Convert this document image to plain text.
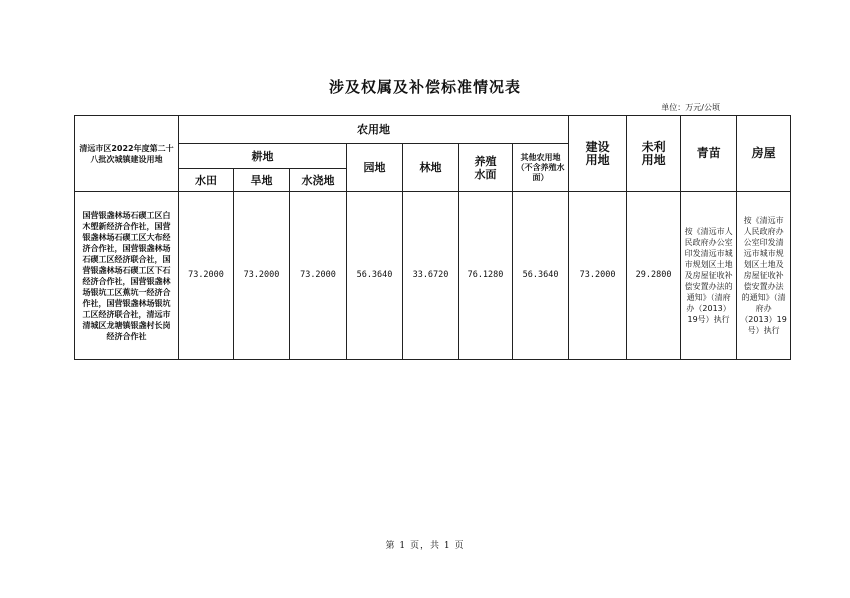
涉及权属及补偿标准情况表
单位：万元/公顷
清远市区2022年度第二十八批次城镇建设用地	农用地							建设用地	未利用地	青苗	房屋
	耕地			园地	林地	养殖水面	其他农用地（不含养殖水面）				
	水田	旱地	水浇地								
国营银盏林场石碶工区白木塱新经济合作社，国营银盏林场石碶工区大布经济合作社，国营银盏林场石碶工区经济联合社，国营银盏林场石碶工区下石经济合作社，国营银盏林场银坑工区蕉坑一经济合作社，国营银盏林场银坑工区经济联合社，清远市清城区龙塘镇银盏村长岗经济合作社	73.2000	73.2000	73.2000	56.3640	33.6720	76.1280	56.3640	73.2000	29.2800	按《清远市人民政府办公室印发清远市城市规划区土地及房屋征收补偿安置办法的通知》（清府办（2013）19号）执行	按《清远市人民政府办公室印发清远市城市规划区土地及房屋征收补偿安置办法的通知》（清府办（2013）19号）执行
第 1 页，共 1 页
